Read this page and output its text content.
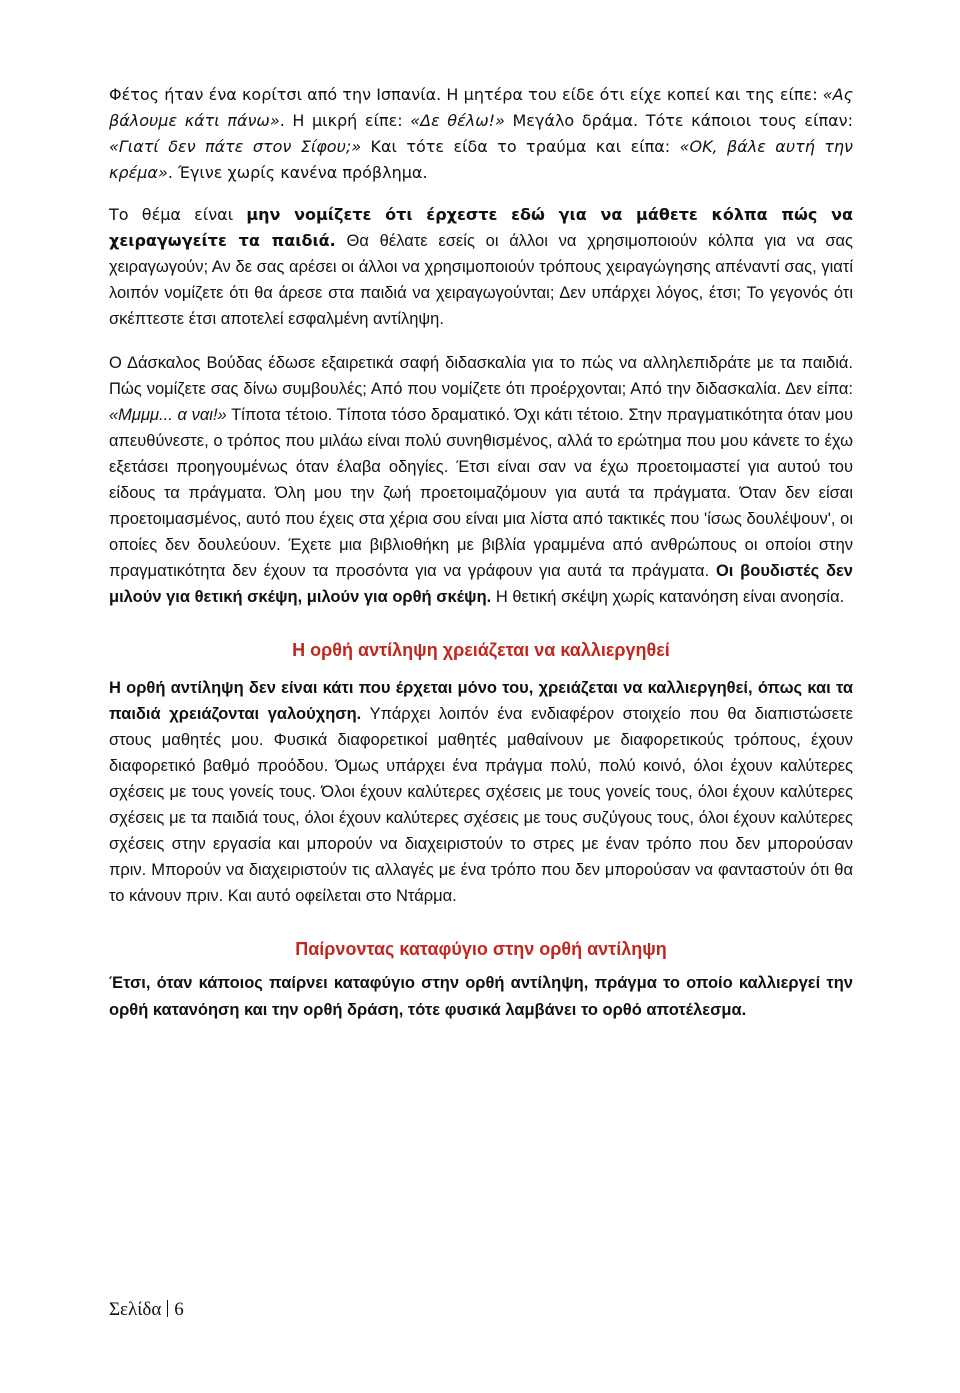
Φέτος ήταν ένα κορίτσι από την Ισπανία. Η μητέρα του είδε ότι είχε κοπεί και της είπε: «Ας βάλουμε κάτι πάνω». Η μικρή είπε: «Δε θέλω!» Μεγάλο δράμα. Τότε κάποιοι τους είπαν: «Γιατί δεν πάτε στον Σίφου;» Και τότε είδα το τραύμα και είπα: «ΟΚ, βάλε αυτή την κρέμα». Έγινε χωρίς κανένα πρόβλημα.

Το θέμα είναι μην νομίζετε ότι έρχεστε εδώ για να μάθετε κόλπα πώς να χειραγωγείτε τα παιδιά. Θα θέλατε εσείς οι άλλοι να χρησιμοποιούν κόλπα για να σας χειραγωγούν; Αν δε σας αρέσει οι άλλοι να χρησιμοποιούν τρόπους χειραγώγησης απέναντί σας, γιατί λοιπόν νομίζετε ότι θα άρεσε στα παιδιά να χειραγωγούνται; Δεν υπάρχει λόγος, έτσι; Το γεγονός ότι σκέπτεστε έτσι αποτελεί εσφαλμένη αντίληψη.

Ο Δάσκαλος Βούδας έδωσε εξαιρετικά σαφή διδασκαλία για το πώς να αλληλεπιδράτε με τα παιδιά. Πώς νομίζετε σας δίνω συμβουλές; Από που νομίζετε ότι προέρχονται; Από την διδασκαλία. Δεν είπα: «Μμμμ... α ναι!» Τίποτα τέτοιο. Τίποτα τόσο δραματικό. Όχι κάτι τέτοιο. Στην πραγματικότητα όταν μου απευθύνεστε, ο τρόπος που μιλάω είναι πολύ συνηθισμένος, αλλά το ερώτημα που μου κάνετε το έχω εξετάσει προηγουμένως όταν έλαβα οδηγίες. Έτσι είναι σαν να έχω προετοιμαστεί για αυτού του είδους τα πράγματα. Όλη μου την ζωή προετοιμαζόμουν για αυτά τα πράγματα. Όταν δεν είσαι προετοιμασμένος, αυτό που έχεις στα χέρια σου είναι μια λίστα από τακτικές που 'ίσως δουλέψουν', οι οποίες δεν δουλεύουν. Έχετε μια βιβλιοθήκη με βιβλία γραμμένα από ανθρώπους οι οποίοι στην πραγματικότητα δεν έχουν τα προσόντα για να γράφουν για αυτά τα πράγματα. Οι βουδιστές δεν μιλούν για θετική σκέψη, μιλούν για ορθή σκέψη. Η θετική σκέψη χωρίς κατανόηση είναι ανοησία.

Η ορθή αντίληψη χρειάζεται να καλλιεργηθεί

Η ορθή αντίληψη δεν είναι κάτι που έρχεται μόνο του, χρειάζεται να καλλιεργηθεί, όπως και τα παιδιά χρειάζονται γαλούχηση. Υπάρχει λοιπόν ένα ενδιαφέρον στοιχείο που θα διαπιστώσετε στους μαθητές μου. Φυσικά διαφορετικοί μαθητές μαθαίνουν με διαφορετικούς τρόπους, έχουν διαφορετικό βαθμό προόδου. Όμως υπάρχει ένα πράγμα πολύ, πολύ κοινό, όλοι έχουν καλύτερες σχέσεις με τους γονείς τους. Όλοι έχουν καλύτερες σχέσεις με τους γονείς τους, όλοι έχουν καλύτερες σχέσεις με τα παιδιά τους, όλοι έχουν καλύτερες σχέσεις με τους συζύγους τους, όλοι έχουν καλύτερες σχέσεις στην εργασία και μπορούν να διαχειριστούν το στρες με έναν τρόπο που δεν μπορούσαν πριν. Μπορούν να διαχειριστούν τις αλλαγές με ένα τρόπο που δεν μπορούσαν να φανταστούν ότι θα το κάνουν πριν. Και αυτό οφείλεται στο Ντάρμα.

Παίρνοντας καταφύγιο στην ορθή αντίληψη

Έτσι, όταν κάποιος παίρνει καταφύγιο στην ορθή αντίληψη, πράγμα το οποίο καλλιεργεί την ορθή κατανόηση και την ορθή δράση, τότε φυσικά λαμβάνει το ορθό αποτέλεσμα.

Σελίδα 6
